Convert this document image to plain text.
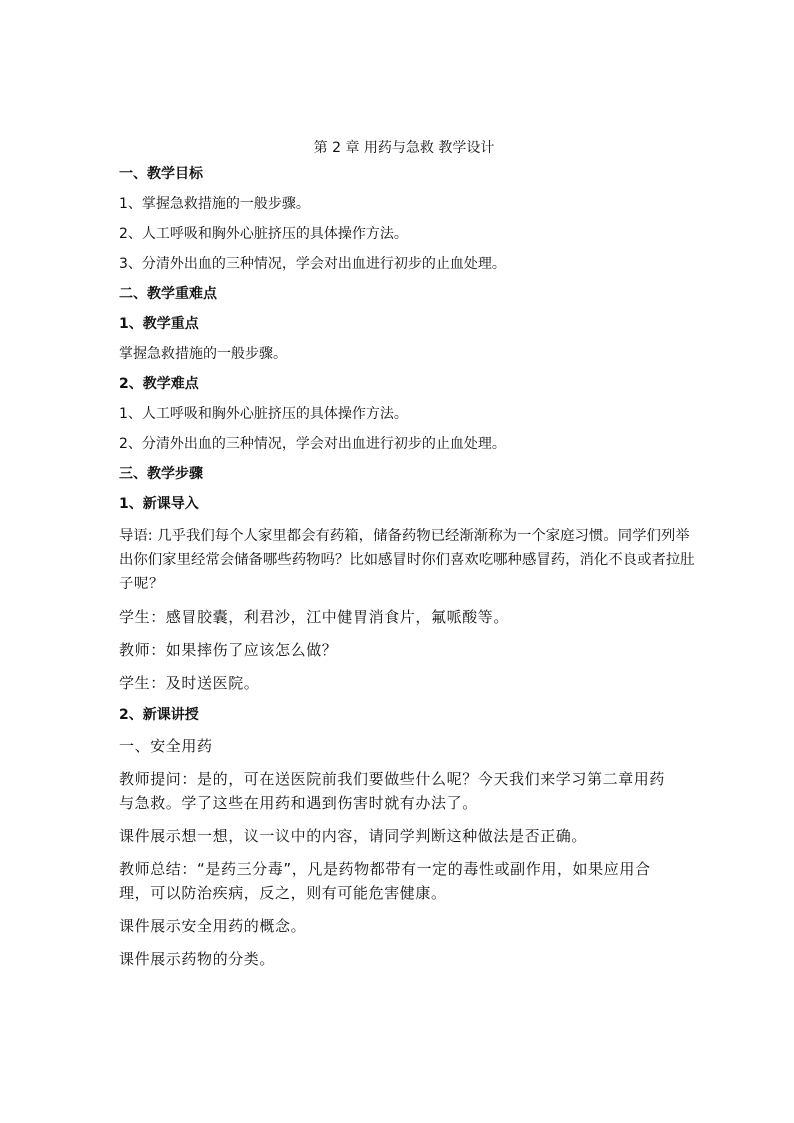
第 2 章 用药与急救 教学设计

一、教学目标

1、掌握急救措施的一般步骤。

2、人工呼吸和胸外心脏挤压的具体操作方法。

3、分清外出血的三种情况，学会对出血进行初步的止血处理。

二、教学重难点

1、教学重点

掌握急救措施的一般步骤。

2、教学难点

1、人工呼吸和胸外心脏挤压的具体操作方法。

2、分清外出血的三种情况，学会对出血进行初步的止血处理。

三、教学步骤

1、新课导入

导语: 几乎我们每个人家里都会有药箱，储备药物已经渐渐称为一个家庭习惯。同学们列举

出你们家里经常会储备哪些药物吗？比如感冒时你们喜欢吃哪种感冒药，消化不良或者拉肚

子呢？

学生：感冒胶囊，利君沙，江中健胃消食片，氟哌酸等。

教师：如果摔伤了应该怎么做？

学生：及时送医院。

2、新课讲授

一、安全用药

教师提问：是的，可在送医院前我们要做些什么呢？今天我们来学习第二章用药

与急救。学了这些在用药和遇到伤害时就有办法了。

课件展示想一想，议一议中的内容，请同学判断这种做法是否正确。

教师总结：“是药三分毒”，凡是药物都带有一定的毒性或副作用，如果应用合

理，可以防治疾病，反之，则有可能危害健康。

课件展示安全用药的概念。

课件展示药物的分类。
